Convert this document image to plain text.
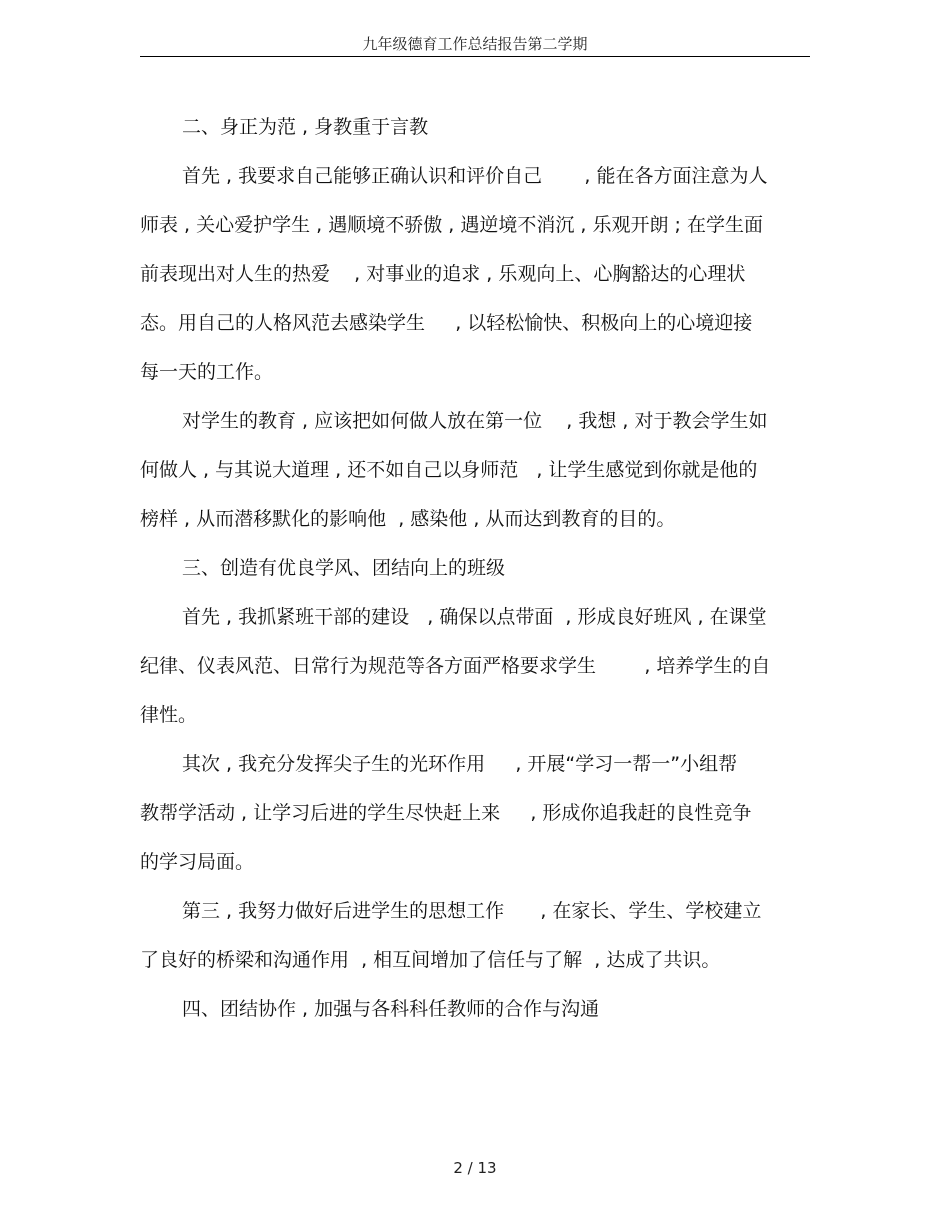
九年级德育工作总结报告第二学期
二、身正为范 , 身教重于言教
首先 , 我要求自己能够正确认识和评价自己       , 能在各方面注意为人
师表 , 关心爱护学生 , 遇顺境不骄傲 , 遇逆境不消沉 , 乐观开朗 ; 在学生面
前表现出对人生的热爱    , 对事业的追求 , 乐观向上、心胸豁达的心理状
态。用自己的人格风范去感染学生     , 以轻松愉快、积极向上的心境迎接
每一天的工作。
对学生的教育 , 应该把如何做人放在第一位    , 我想 , 对于教会学生如
何做人 , 与其说大道理 , 还不如自己以身师范   , 让学生感觉到你就是他的
榜样 , 从而潜移默化的影响他  , 感染他 , 从而达到教育的目的。
三、创造有优良学风、团结向上的班级
首先 , 我抓紧班干部的建设   , 确保以点带面  , 形成良好班风 , 在课堂
纪律、仪表风范、日常行为规范等各方面严格要求学生        , 培养学生的自
律性。
其次 , 我充分发挥尖子生的光环作用     , 开展“学习一帮一”小组帮
教帮学活动 , 让学习后进的学生尽快赶上来     , 形成你追我赶的良性竞争
的学习局面。
第三 , 我努力做好后进学生的思想工作      , 在家长、学生、学校建立
了良好的桥梁和沟通作用  , 相互间增加了信任与了解  , 达成了共识。
四、团结协作 , 加强与各科科任教师的合作与沟通
2 / 13
